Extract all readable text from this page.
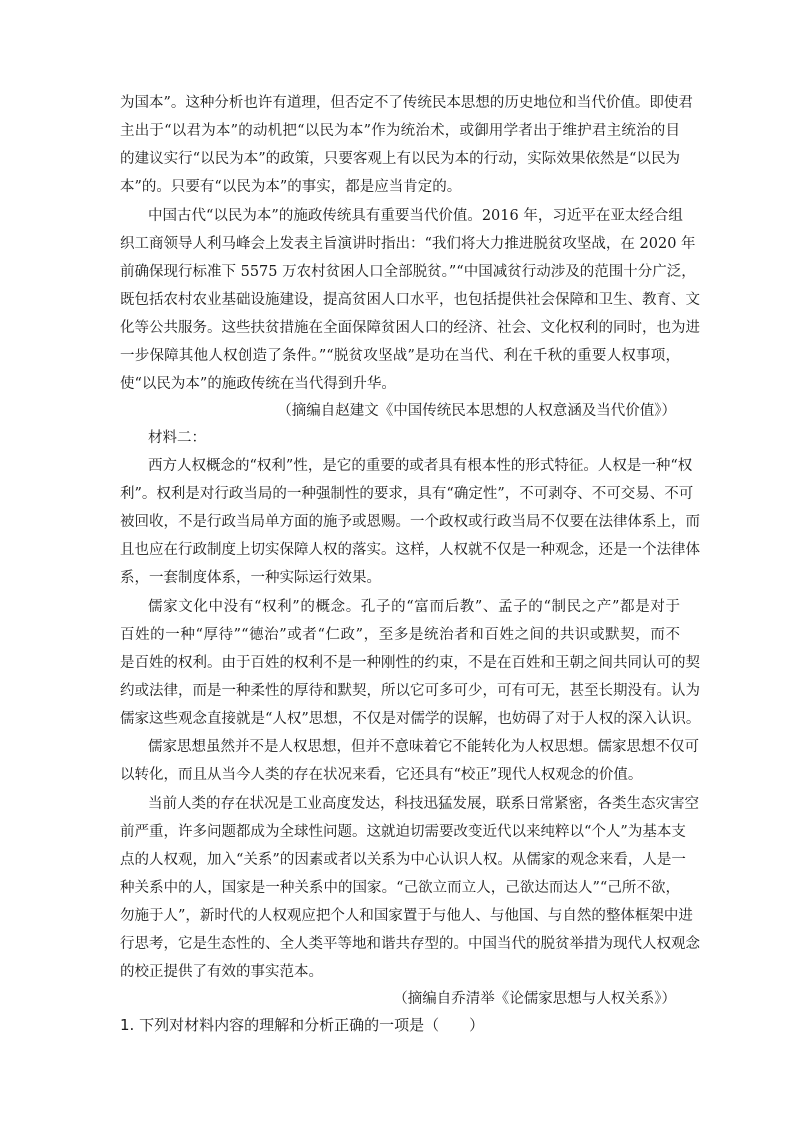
为国本”。这种分析也许有道理，但否定不了传统民本思想的历史地位和当代价值。即使君
主出于“以君为本”的动机把“以民为本”作为统治术，或御用学者出于维护君主统治的目
的建议实行“以民为本”的政策，只要客观上有以民为本的行动，实际效果依然是“以民为
本”的。只要有“以民为本”的事实，都是应当肯定的。
中国古代“以民为本”的施政传统具有重要当代价值。2016 年，习近平在亚太经合组
织工商领导人利马峰会上发表主旨演讲时指出：“我们将大力推进脱贫攻坚战，在 2020 年
前确保现行标准下 5575 万农村贫困人口全部脱贫。”“中国减贫行动涉及的范围十分广泛，
既包括农村农业基础设施建设，提高贫困人口水平，也包括提供社会保障和卫生、教育、文
化等公共服务。这些扶贫措施在全面保障贫困人口的经济、社会、文化权利的同时，也为进
一步保障其他人权创造了条件。”“脱贫攻坚战”是功在当代、利在千秋的重要人权事项，
使“以民为本”的施政传统在当代得到升华。
（摘编自赵建文《中国传统民本思想的人权意涵及当代价值》）
材料二：
西方人权概念的“权利”性，是它的重要的或者具有根本性的形式特征。人权是一种“权
利”。权利是对行政当局的一种强制性的要求，具有“确定性”，不可剥夺、不可交易、不可
被回收，不是行政当局单方面的施予或恩赐。一个政权或行政当局不仅要在法律体系上，而
且也应在行政制度上切实保障人权的落实。这样，人权就不仅是一种观念，还是一个法律体
系，一套制度体系，一种实际运行效果。
儒家文化中没有“权利”的概念。孔子的“富而后教”、孟子的“制民之产”都是对于
百姓的一种“厚待”“德治”或者“仁政”，至多是统治者和百姓之间的共识或默契，而不
是百姓的权利。由于百姓的权利不是一种刚性的约束，不是在百姓和王朝之间共同认可的契
约或法律，而是一种柔性的厚待和默契，所以它可多可少，可有可无，甚至长期没有。认为
儒家这些观念直接就是“人权”思想，不仅是对儒学的误解，也妨碍了对于人权的深入认识。
儒家思想虽然并不是人权思想，但并不意味着它不能转化为人权思想。儒家思想不仅可
以转化，而且从当今人类的存在状况来看，它还具有“校正”现代人权观念的价值。
当前人类的存在状况是工业高度发达，科技迅猛发展，联系日常紧密，各类生态灾害空
前严重，许多问题都成为全球性问题。这就迫切需要改变近代以来纯粹以“个人”为基本支
点的人权观，加入“关系”的因素或者以关系为中心认识人权。从儒家的观念来看，人是一
种关系中的人，国家是一种关系中的国家。“己欲立而立人，己欲达而达人”“己所不欲，
勿施于人”，新时代的人权观应把个人和国家置于与他人、与他国、与自然的整体框架中进
行思考，它是生态性的、全人类平等地和谐共存型的。中国当代的脱贫举措为现代人权观念
的校正提供了有效的事实范本。
（摘编自乔清举《论儒家思想与人权关系》）
1. 下列对材料内容的理解和分析正确的一项是（　　）
